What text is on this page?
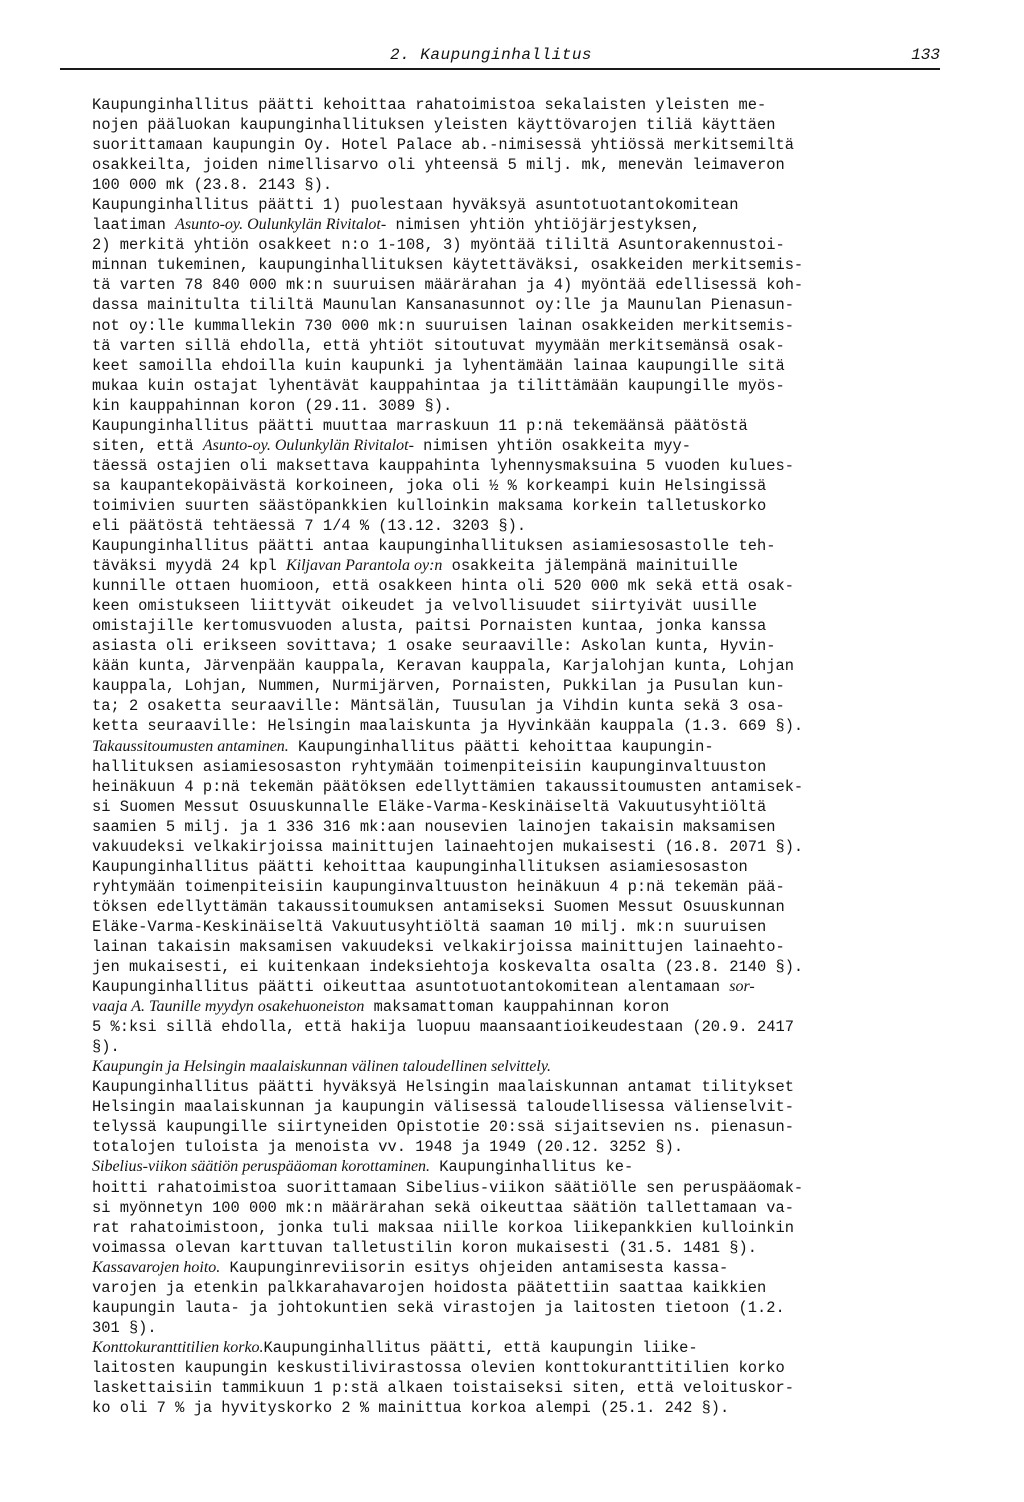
2. Kaupunginhallitus	133
Kaupunginhallitus päätti kehoittaa rahatoimistoa sekalaisten yleisten me-
nojen pääluokan kaupunginhallituksen yleisten käyttövarojen tiliä käyttäen
suorittamaan kaupungin Oy. Hotel Palace ab.-nimisessä yhtiössä merkitsemiltä
osakkeilta, joiden nimellisarvo oli yhteensä 5 milj. mk, menevän leimaveron
100 000 mk (23.8. 2143 §).
Kaupunginhallitus päätti 1) puolestaan hyväksyä asuntotuotantokomitean
laatiman Asunto-oy. Oulunkylän Rivitalot- nimisen yhtiön yhtiöjärjestyksen,
2) merkitä yhtiön osakkeet n:o 1-108, 3) myöntää tililtä Asuntorakennustoi-
minnan tukeminen, kaupunginhallituksen käytettäväksi, osakkeiden merkitsemis-
tä varten 78 840 000 mk:n suuruisen määrärahan ja 4) myöntää edellisessä koh-
dassa mainitulta tililtä Maunulan Kansanasunnot oy:lle ja Maunulan Pienasun-
not oy:lle kummallekin 730 000 mk:n suuruisen lainan osakkeiden merkitsemis-
tä varten sillä ehdolla, että yhtiöt sitoutuvat myymään merkitsemänsä osak-
keet samoilla ehdoilla kuin kaupunki ja lyhentämään lainaa kaupungille sitä
mukaa kuin ostajat lyhentävät kauppahintaa ja tilittämään kaupungille myös-
kin kauppahinnan koron (29.11. 3089 §).
Kaupunginhallitus päätti muuttaa marraskuun 11 p:nä tekemäänsä päätöstä
siten, että Asunto-oy. Oulunkylän Rivitalot- nimisen yhtiön osakkeita myy-
täessä ostajien oli maksettava kauppahinta lyhennysmaksuina 5 vuoden kulues-
sa kaupantekopäivästä korkoineen, joka oli ½ % korkeampi kuin Helsingissä
toimivien suurten säästöpankkien kulloinkin maksama korkein talletuskorko
eli päätöstä tehtäessä 7 1/4 % (13.12. 3203 §).
Kaupunginhallitus päätti antaa kaupunginhallituksen asiamiesosastolle teh-
täväksi myydä 24 kpl Kiljavan Parantola oy:n osakkeita jälempänä mainituille
kunnille ottaen huomioon, että osakkeen hinta oli 520 000 mk sekä että osak-
keen omistukseen liittyvät oikeudet ja velvollisuudet siirtyivät uusille
omistajille kertomusvuoden alusta, paitsi Pornaisten kuntaa, jonka kanssa
asiasta oli erikseen sovittava; 1 osake seuraaville: Askolan kunta, Hyvin-
kään kunta, Järvenpään kauppala, Keravan kauppala, Karjalohjan kunta, Lohjan
kauppala, Lohjan, Nummen, Nurmijärven, Pornaisten, Pukkilan ja Pusulan kun-
ta; 2 osaketta seuraaville: Mäntsälän, Tuusulan ja Vihdin kunta sekä 3 osa-
ketta seuraaville: Helsingin maalaiskunta ja Hyvinkään kauppala (1.3. 669 §).
Takaussitoumusten antaminen. Kaupunginhallitus päätti kehoittaa kaupungin-
hallituksen asiamiesosaston ryhtymään toimenpiteisiin kaupunginvaltuuston
heinäkuun 4 p:nä tekemän päätöksen edellyttämien takaussitoumusten antamisek-
si Suomen Messut Osuuskunnalle Eläke-Varma-Keskinäiseltä Vakuutusyhtiöltä
saamien 5 milj. ja 1 336 316 mk:aan nousevien lainojen takaisin maksamisen
vakuudeksi velkakirjoissa mainittujen lainaehtojen mukaisesti (16.8. 2071 §).
Kaupunginhallitus päätti kehoittaa kaupunginhallituksen asiamiesosaston
ryhtymään toimenpiteisiin kaupunginvaltuuston heinäkuun 4 p:nä tekemän pää-
töksen edellyttämän takaussitoumuksen antamiseksi Suomen Messut Osuuskunnan
Eläke-Varma-Keskinäiseltä Vakuutusyhtiöltä saaman 10 milj. mk:n suuruisen
lainan takaisin maksamisen vakuudeksi velkakirjoissa mainittujen lainaehto-
jen mukaisesti, ei kuitenkaan indeksiehtoja koskevalta osalta (23.8. 2140 §).
Kaupunginhallitus päätti oikeuttaa asuntotuotantokomitean alentamaan sor-
vaaja A. Taunille myydyn osakehuoneiston maksamattoman kauppahinnan koron
5 %:ksi sillä ehdolla, että hakija luopuu maansaantioikeudestaan (20.9. 2417
§).
Kaupungin ja Helsingin maalaiskunnan välinen taloudellinen selvittely.
Kaupunginhallitus päätti hyväksyä Helsingin maalaiskunnan antamat tilitykset
Helsingin maalaiskunnan ja kaupungin välisessä taloudellisessa välienselvit-
telyssä kaupungille siirtyneiden Opistotie 20:ssä sijaitsevien ns. pienasun-
totalojen tuloista ja menoista vv. 1948 ja 1949 (20.12. 3252 §).
Sibelius-viikon säätiön peruspääoman korottaminen. Kaupunginhallitus ke-
hoitti rahatoimistoa suorittamaan Sibelius-viikon säätiölle sen peruspääomak-
si myönnetyn 100 000 mk:n määrärahan sekä oikeuttaa säätiön tallettamaan va-
rat rahatoimistoon, jonka tuli maksaa niille korkoa liikepankkien kulloinkin
voimassa olevan karttuvan talletustilin koron mukaisesti (31.5. 1481 §).
Kassavarojen hoito. Kaupunginreviisorin esitys ohjeiden antamisesta kassa-
varojen ja etenkin palkkarahavarojen hoidosta päätettiin saattaa kaikkien
kaupungin lauta- ja johtokuntien sekä virastojen ja laitosten tietoon (1.2.
301 §).
Konttokuranttitilien korko.Kaupunginhallitus päätti, että kaupungin liike-
laitosten kaupungin keskustilivirastossa olevien konttokuranttitilien korko
laskettaisiin tammikuun 1 p:stä alkaen toistaiseksi siten, että veloituskor-
ko oli 7 % ja hyvityskorko 2 % mainittua korkoa alempi (25.1. 242 §).
